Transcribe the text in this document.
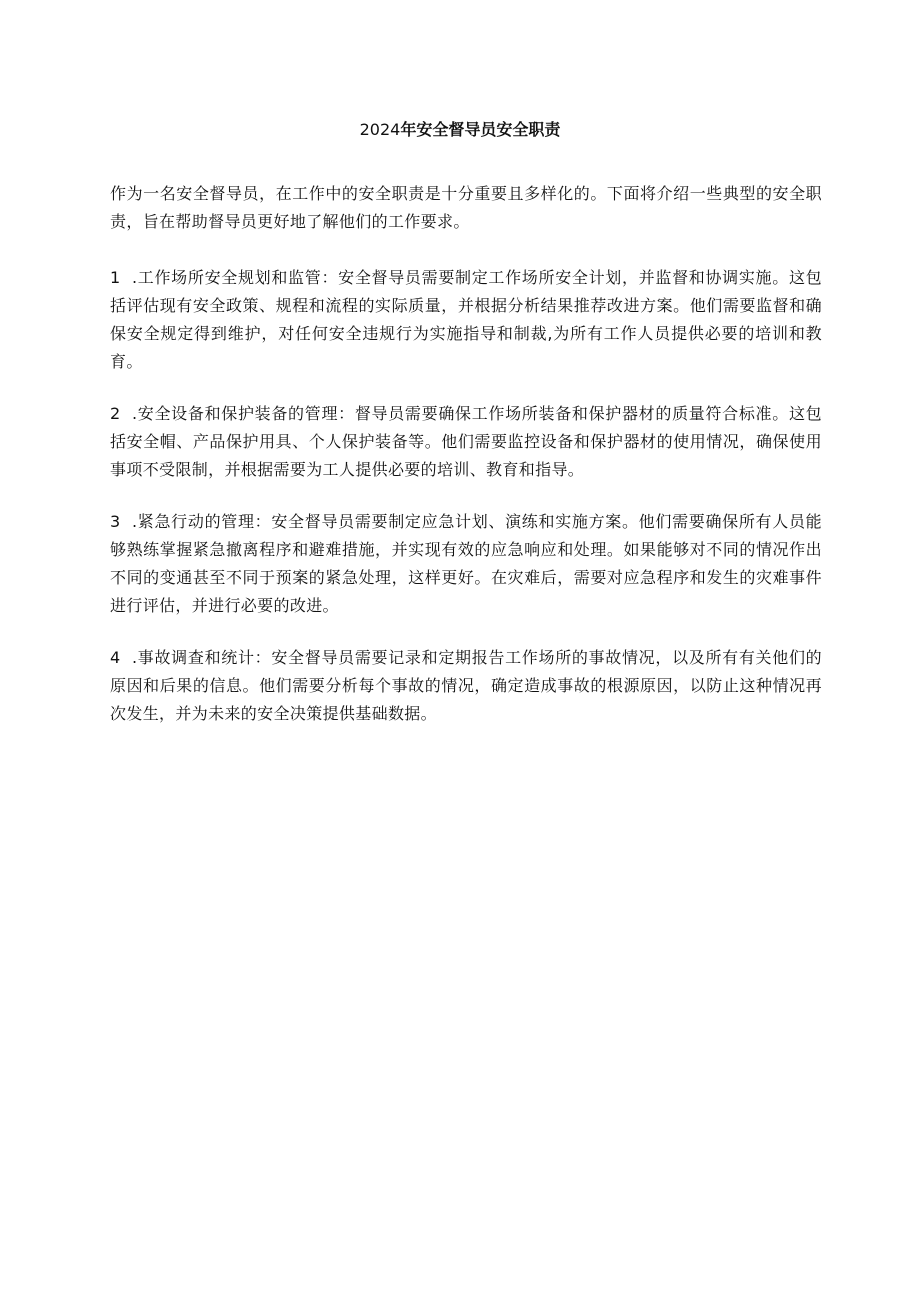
2024年安全督导员安全职责

作为一名安全督导员，在工作中的安全职责是十分重要且多样化的。下面将介绍一些典型的安全职责，旨在帮助督导员更好地了解他们的工作要求。

1 .工作场所安全规划和监管：安全督导员需要制定工作场所安全计划，并监督和协调实施。这包括评估现有安全政策、规程和流程的实际质量，并根据分析结果推荐改进方案。他们需要监督和确保安全规定得到维护，对任何安全违规行为实施指导和制裁,为所有工作人员提供必要的培训和教育。

2 .安全设备和保护装备的管理：督导员需要确保工作场所装备和保护器材的质量符合标准。这包括安全帽、产品保护用具、个人保护装备等。他们需要监控设备和保护器材的使用情况，确保使用事项不受限制，并根据需要为工人提供必要的培训、教育和指导。

3 .紧急行动的管理：安全督导员需要制定应急计划、演练和实施方案。他们需要确保所有人员能够熟练掌握紧急撤离程序和避难措施，并实现有效的应急响应和处理。如果能够对不同的情况作出不同的变通甚至不同于预案的紧急处理，这样更好。在灾难后，需要对应急程序和发生的灾难事件进行评估，并进行必要的改进。

4 .事故调查和统计：安全督导员需要记录和定期报告工作场所的事故情况，以及所有有关他们的原因和后果的信息。他们需要分析每个事故的情况，确定造成事故的根源原因，以防止这种情况再次发生，并为未来的安全决策提供基础数据。
